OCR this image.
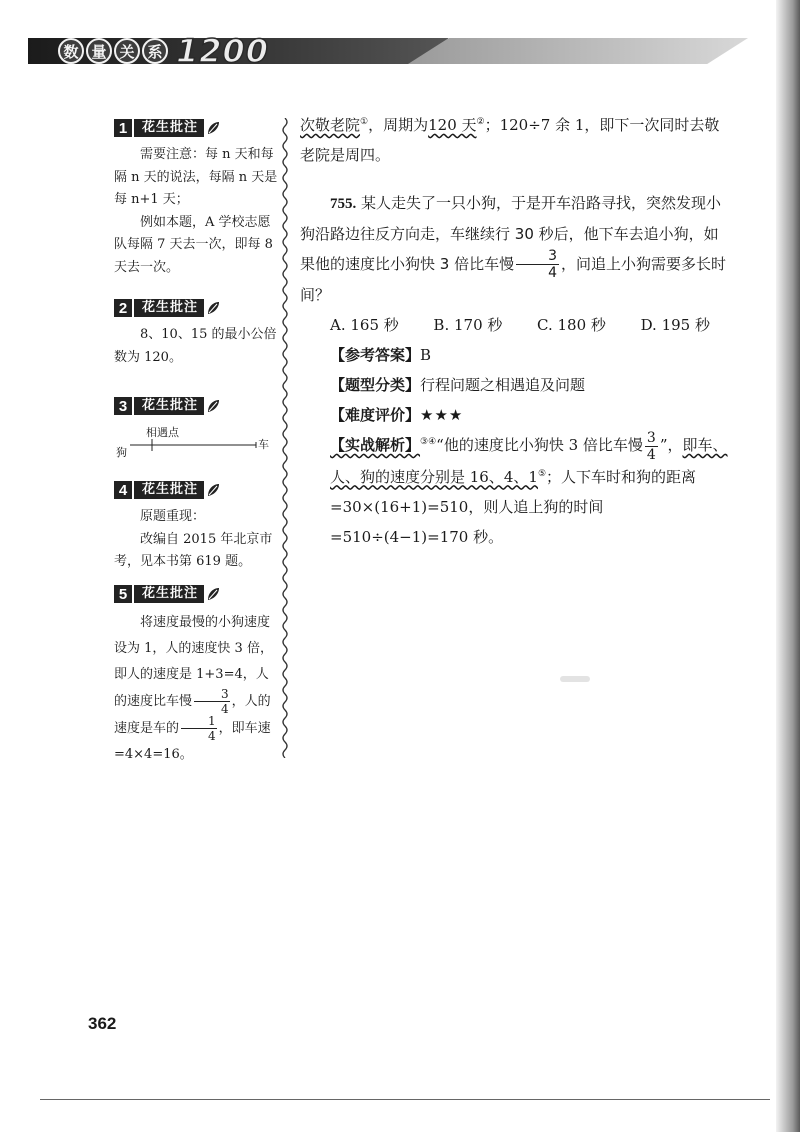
数 量 关 系 1200
1	花生批注

需要注意：每 n 天和每隔 n 天的说法，每隔 n 天是每 n+1 天；

例如本题，A 学校志愿队每隔 7 天去一次，即每 8 天去一次。

2	花生批注

8、10、15 的最小公倍数为 120。

3	花生批注
相遇点
狗
车
4	花生批注

原题重现：

改编自 2015 年北京市考，见本书第 619 题。

5	花生批注

将速度最慢的小狗速度设为 1，人的速度快 3 倍，即人的速度是 1+3=4，人的速度比车慢 $\frac{3}{4}$ ，人的速度是车的 $\frac{1}{4}$ ，即车速=4×4=16。

次敬老院①，周期为120 天②；120÷7 余 1，即下一次同时去敬老院是周四。

755. 某人走失了一只小狗，于是开车沿路寻找，突然发现小狗沿路边往反方向走，车继续行 30 秒后，他下车去追小狗，如果他的速度比小狗快 3 倍比车慢 $\frac{3}{4}$ ，问追上小狗需要多长时间？

A. 165 秒 B. 170 秒 C. 180 秒 D. 195 秒

【参考答案】B

【题型分类】行程问题之相遇追及问题

【难度评价】★★★

【实战解析】③④“他的速度比小狗快 3 倍比车慢 $\frac{3}{4}$ ”，即车、人、狗的速度分别是 16、4、1⑤；人下车时和狗的距离=30×(16+1)=510，则人追上狗的时间=510÷(4−1)=170 秒。

362
